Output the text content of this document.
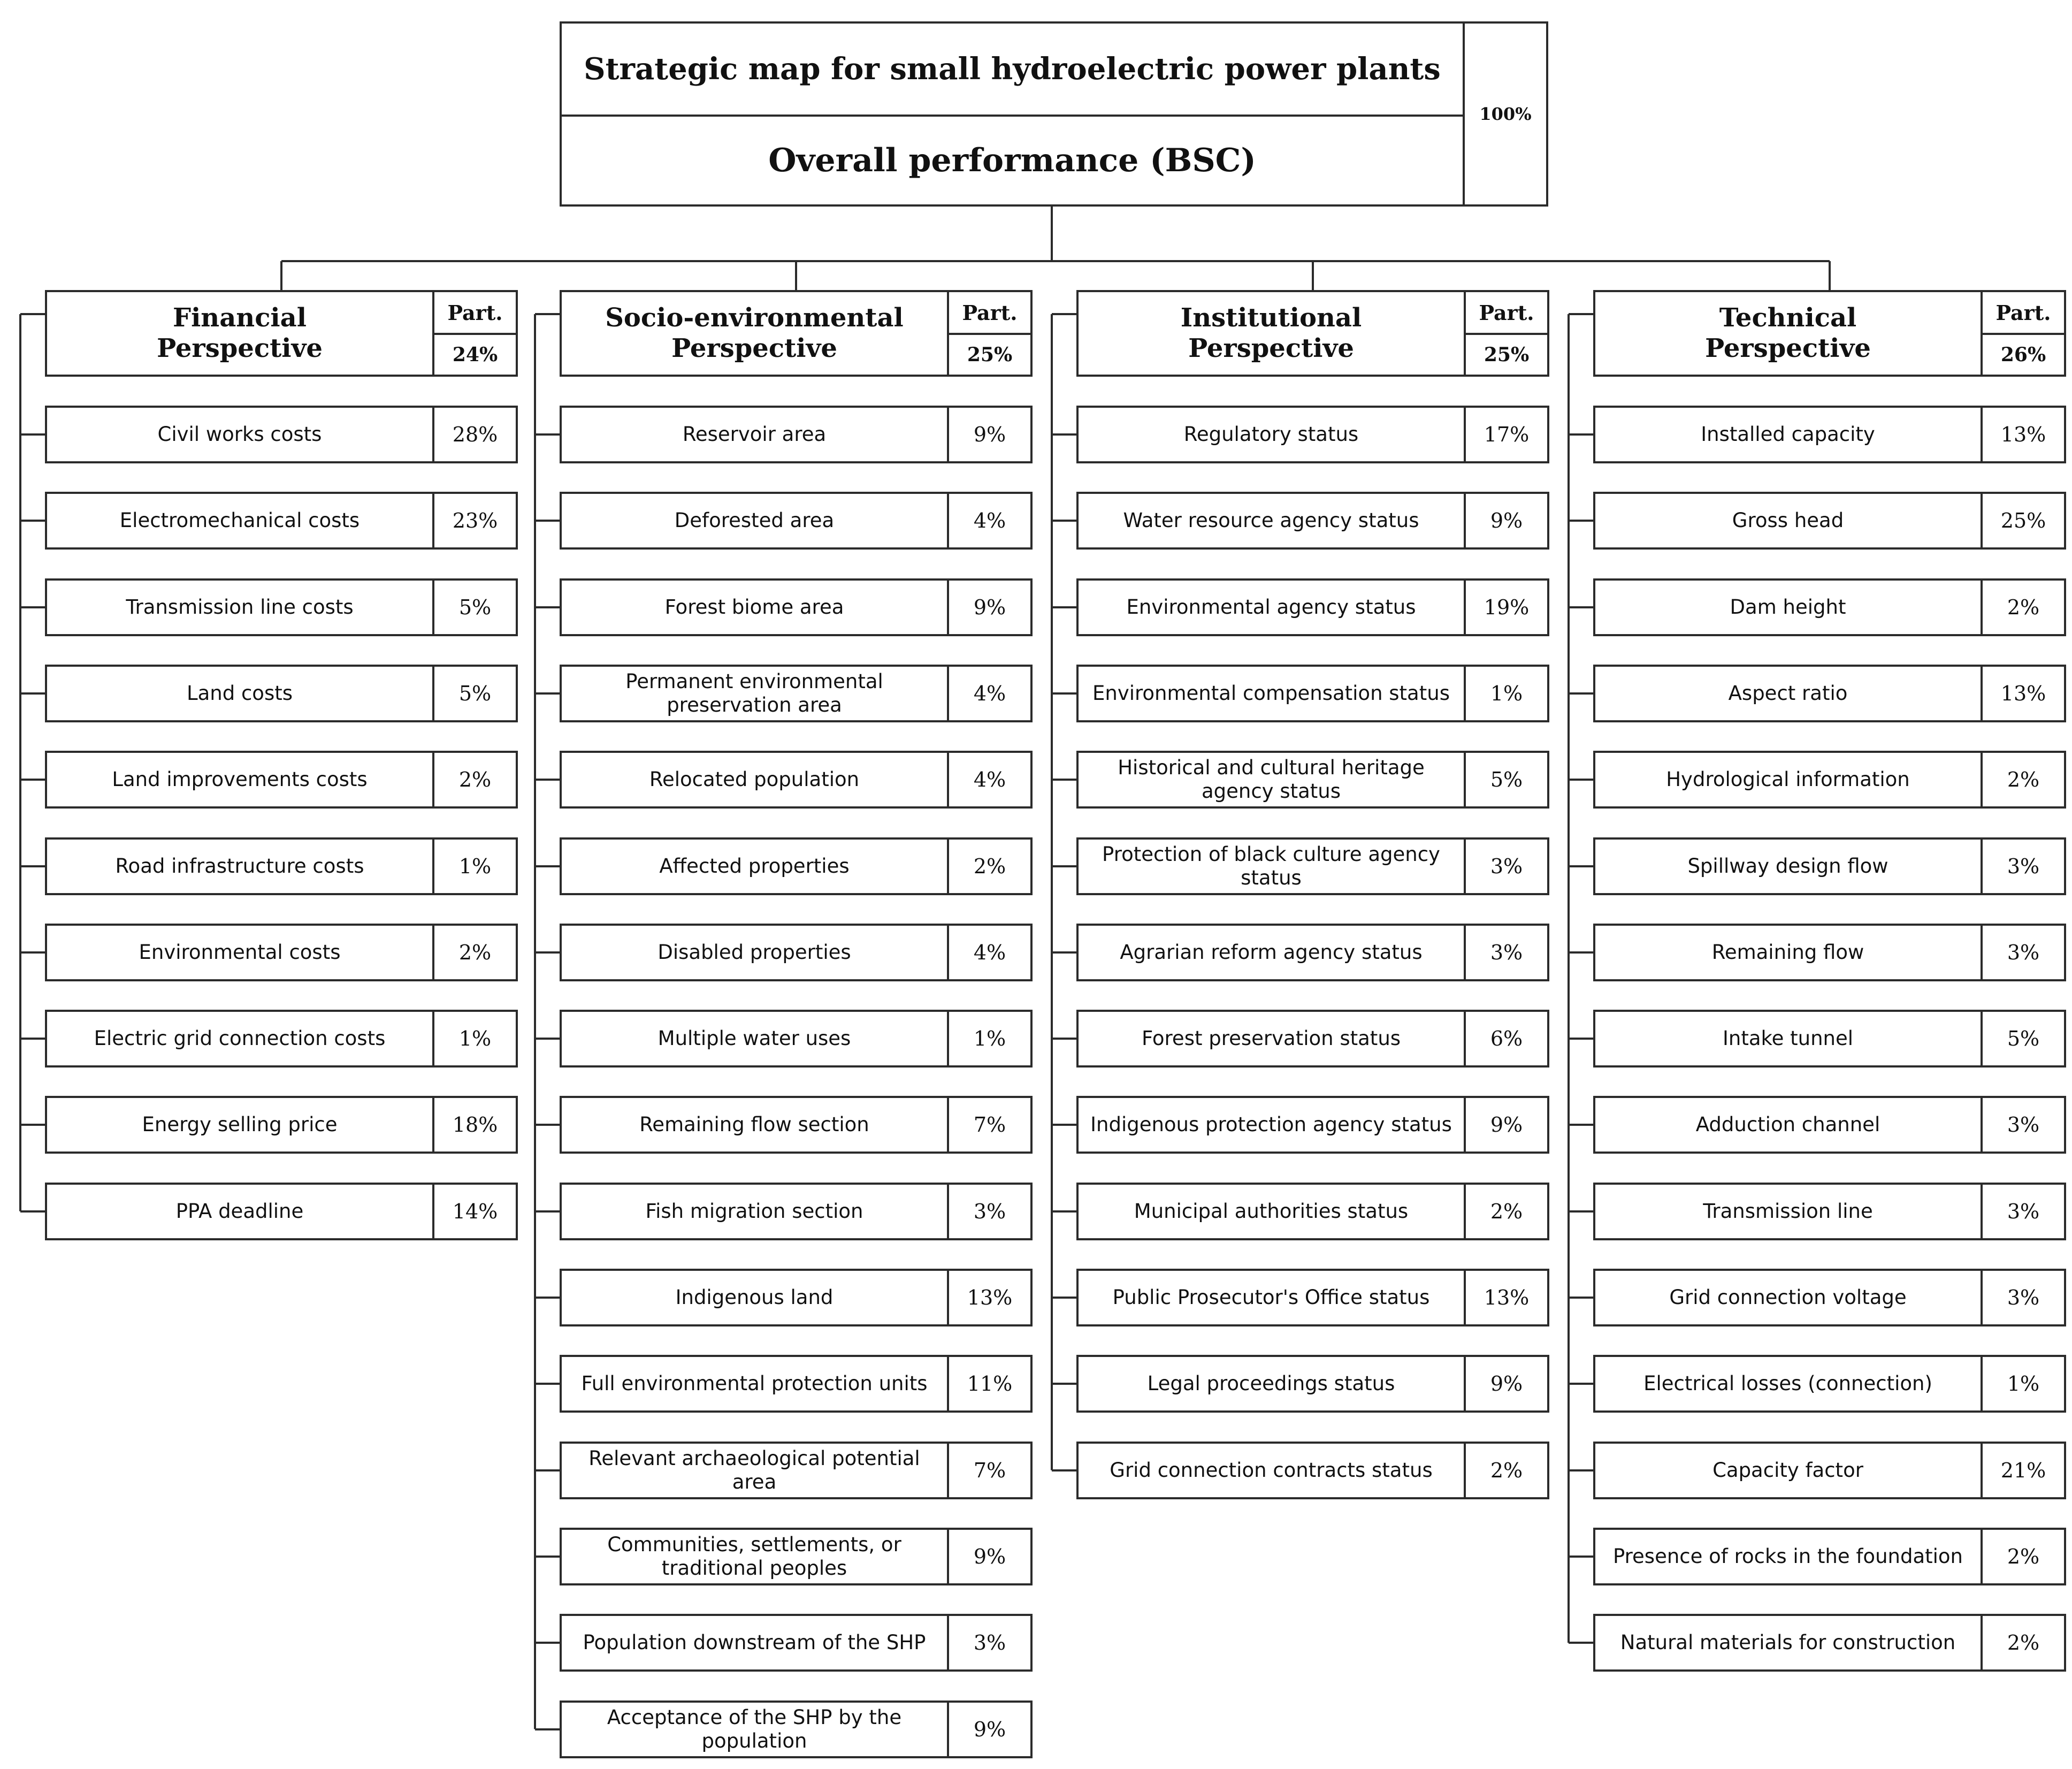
Strategic map for small hydroelectric power plants
Overall performance (BSC)
100%
Financial
Perspective
Part.
24%
Civil works costs	28%
Electromechanical costs	23%
Transmission line costs	5%
Land costs	5%
Land improvements costs	2%
Road infrastructure costs	1%
Environmental costs	2%
Electric grid connection costs	1%
Energy selling price	18%
PPA deadline	14%
Socio-environmental
Perspective
Part.
25%
Reservoir area	9%
Deforested area	4%
Forest biome area	9%
Permanent environmental preservation area	4%
Relocated population	4%
Affected properties	2%
Disabled properties	4%
Multiple water uses	1%
Remaining flow section	7%
Fish migration section	3%
Indigenous land	13%
Full environmental protection units 11%
Relevant archaeological potential area	7%
Communities, settlements, or traditional peoples	9%
Population downstream of the SHP 3%
Acceptance of the SHP by the population	9%
Institutional
Perspective
Part.
25%
Regulatory status	17%
Water resource agency status	9%
Environmental agency status	19%
Environmental compensation status 1%
Historical and cultural heritage agency status	5%
Protection of black culture agency status	3%
Agrarian reform agency status	3%
Forest preservation status	6%
Indigenous protection agency status 9%
Municipal authorities status	2%
Public Prosecutor's Office status	13%
Legal proceedings status	9%
Grid connection contracts status	2%
Technical
Perspective
Part.
26%
Installed capacity	13%
Gross head	25%
Dam height	2%
Aspect ratio	13%
Hydrological information	2%
Spillway design flow	3%
Remaining flow	3%
Intake tunnel	5%
Adduction channel	3%
Transmission line	3%
Grid connection voltage	3%
Electrical losses (connection)	1%
Capacity factor	21%
Presence of rocks in the foundation 2%
Natural materials for construction	2%
